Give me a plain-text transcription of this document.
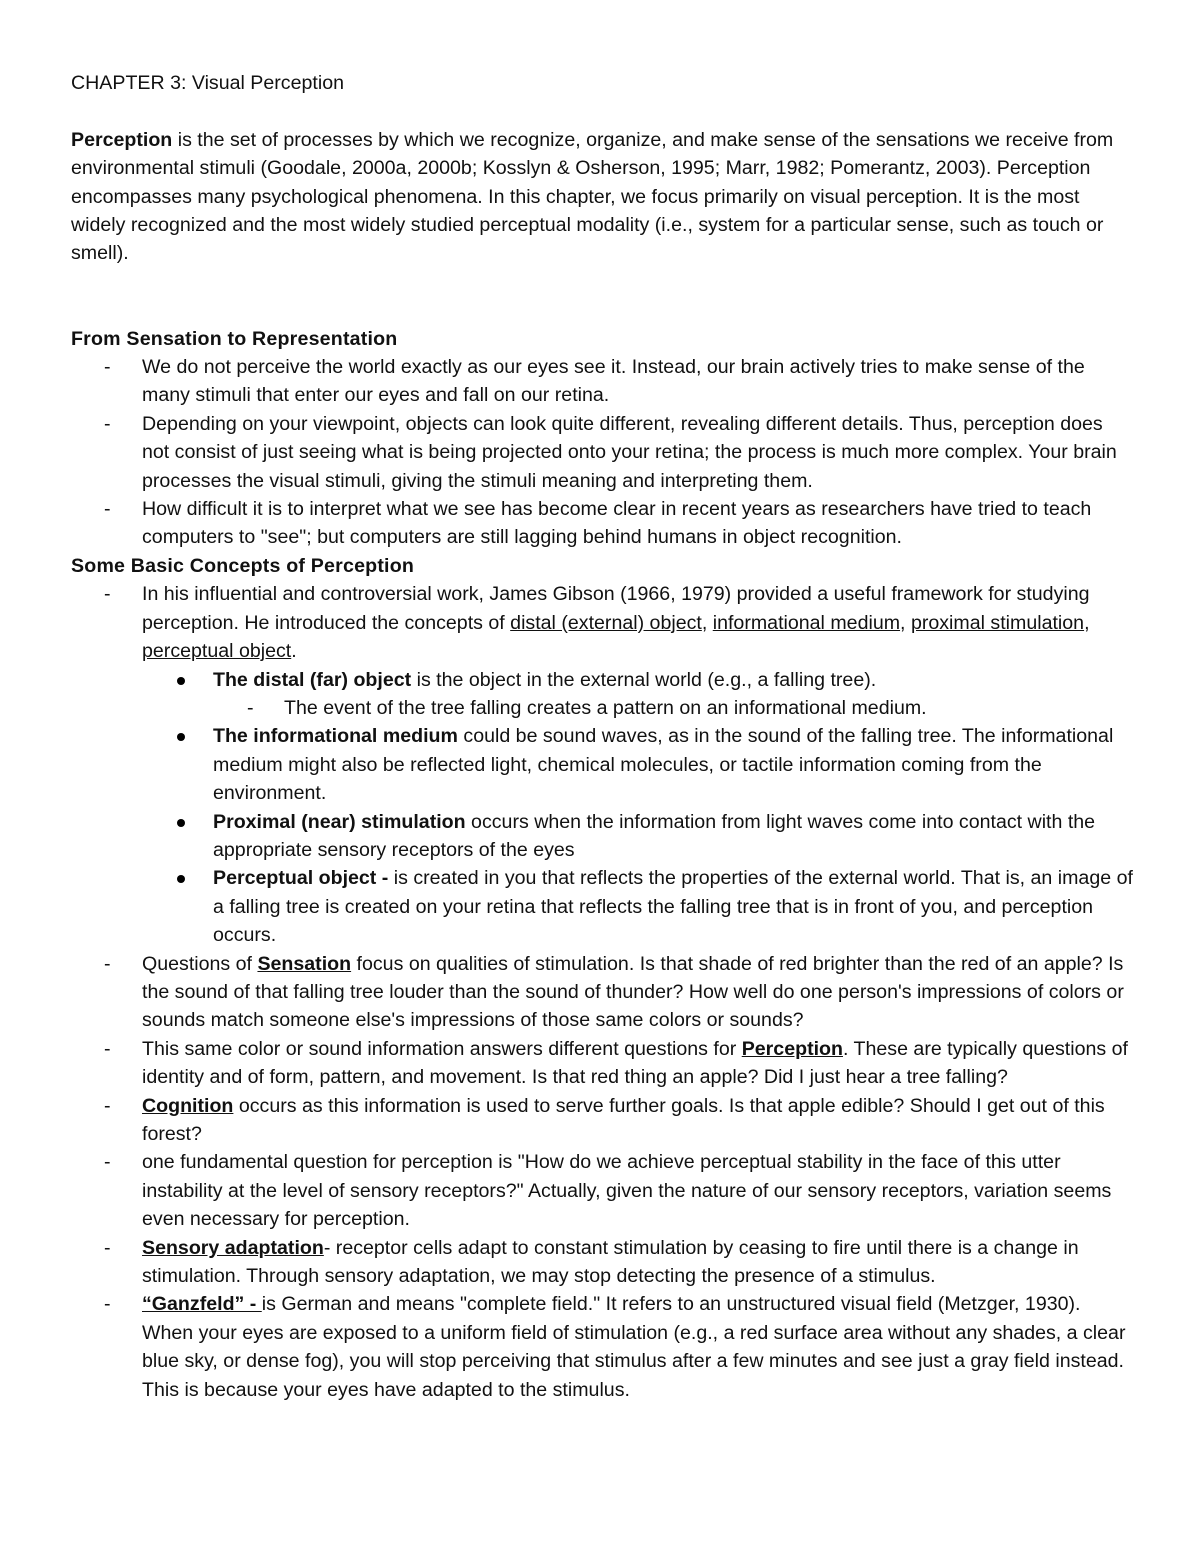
CHAPTER 3: Visual Perception

Perception is the set of processes by which we recognize, organize, and make sense of the sensations we receive from environmental stimuli (Goodale, 2000a, 2000b; Kosslyn & Osherson, 1995; Marr, 1982; Pomerantz, 2003). Perception encompasses many psychological phenomena. In this chapter, we focus primarily on visual perception. It is the most widely recognized and the most widely studied perceptual modality (i.e., system for a particular sense, such as touch or smell).

From Sensation to Representation
- We do not perceive the world exactly as our eyes see it. Instead, our brain actively tries to make sense of the many stimuli that enter our eyes and fall on our retina.
- Depending on your viewpoint, objects can look quite different, revealing different details. Thus, perception does not consist of just seeing what is being projected onto your retina; the process is much more complex. Your brain processes the visual stimuli, giving the stimuli meaning and interpreting them.
- How difficult it is to interpret what we see has become clear in recent years as researchers have tried to teach computers to "see"; but computers are still lagging behind humans in object recognition.
Some Basic Concepts of Perception
- In his influential and controversial work, James Gibson (1966, 1979) provided a useful framework for studying perception. He introduced the concepts of distal (external) object, informational medium, proximal stimulation, perceptual object.
The distal (far) object is the object in the external world (e.g., a falling tree).
- The event of the tree falling creates a pattern on an informational medium.
The informational medium could be sound waves, as in the sound of the falling tree. The informational medium might also be reflected light, chemical molecules, or tactile information coming from the environment.
Proximal (near) stimulation occurs when the information from light waves come into contact with the appropriate sensory receptors of the eyes
Perceptual object - is created in you that reflects the properties of the external world. That is, an image of a falling tree is created on your retina that reflects the falling tree that is in front of you, and perception occurs.
- Questions of Sensation focus on qualities of stimulation. Is that shade of red brighter than the red of an apple? Is the sound of that falling tree louder than the sound of thunder? How well do one person's impressions of colors or sounds match someone else's impressions of those same colors or sounds?
- This same color or sound information answers different questions for Perception. These are typically questions of identity and of form, pattern, and movement. Is that red thing an apple? Did I just hear a tree falling?
- Cognition occurs as this information is used to serve further goals. Is that apple edible? Should I get out of this forest?
- one fundamental question for perception is "How do we achieve perceptual stability in the face of this utter instability at the level of sensory receptors?" Actually, given the nature of our sensory receptors, variation seems even necessary for perception.
- Sensory adaptation- receptor cells adapt to constant stimulation by ceasing to fire until there is a change in stimulation. Through sensory adaptation, we may stop detecting the presence of a stimulus.
- “Ganzfeld” - is German and means "complete field." It refers to an unstructured visual field (Metzger, 1930). When your eyes are exposed to a uniform field of stimulation (e.g., a red surface area without any shades, a clear blue sky, or dense fog), you will stop perceiving that stimulus after a few minutes and see just a gray field instead. This is because your eyes have adapted to the stimulus.
